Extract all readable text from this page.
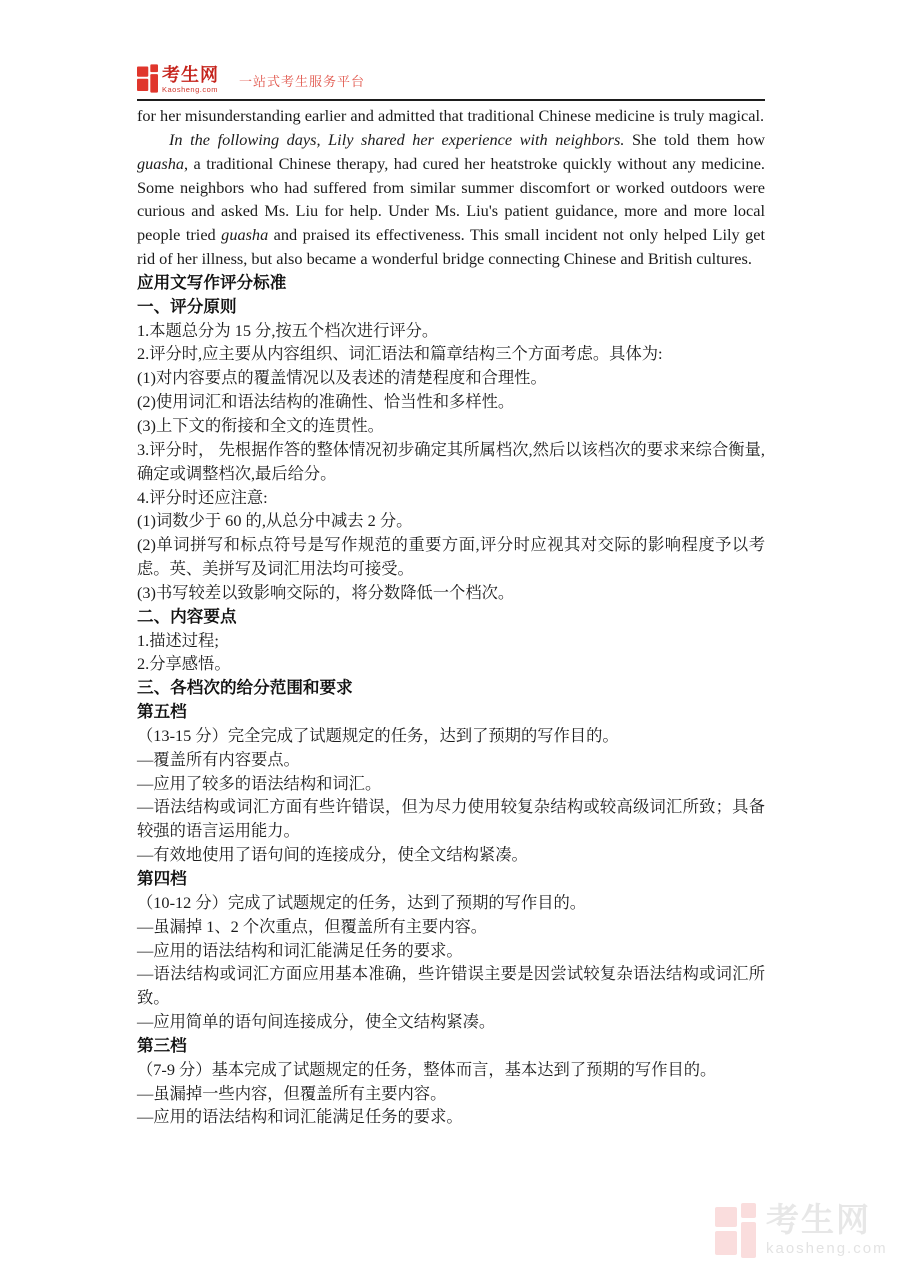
考生网
Kaosheng.com 一站式考生服务平台

for her misunderstanding earlier and admitted that traditional Chinese medicine is truly magical.

In the following days, Lily shared her experience with neighbors. She told them how guasha, a traditional Chinese therapy, had cured her heatstroke quickly without any medicine. Some neighbors who had suffered from similar summer discomfort or worked outdoors were curious and asked Ms. Liu for help. Under Ms. Liu's patient guidance, more and more local people tried guasha and praised its effectiveness. This small incident not only helped Lily get rid of her illness, but also became a wonderful bridge connecting Chinese and British cultures.

应用文写作评分标准

一、评分原则

1.本题总分为 15 分,按五个档次进行评分。

2.评分时,应主要从内容组织、词汇语法和篇章结构三个方面考虑。具体为:

(1)对内容要点的覆盖情况以及表述的清楚程度和合理性。

(2)使用词汇和语法结构的准确性、恰当性和多样性。

(3)上下文的衔接和全文的连贯性。

3.评分时， 先根据作答的整体情况初步确定其所属档次,然后以该档次的要求来综合衡量,确定或调整档次,最后给分。

4.评分时还应注意:

(1)词数少于 60 的,从总分中减去 2 分。

(2)单词拼写和标点符号是写作规范的重要方面,评分时应视其对交际的影响程度予以考虑。英、美拼写及词汇用法均可接受。

(3)书写较差以致影响交际的，将分数降低一个档次。

二、内容要点

1.描述过程;

2.分享感悟。

三、各档次的给分范围和要求

第五档

（13-15 分）完全完成了试题规定的任务，达到了预期的写作目的。

—覆盖所有内容要点。

—应用了较多的语法结构和词汇。

—语法结构或词汇方面有些许错误，但为尽力使用较复杂结构或较高级词汇所致；具备较强的语言运用能力。

—有效地使用了语句间的连接成分，使全文结构紧凑。

第四档

（10-12 分）完成了试题规定的任务，达到了预期的写作目的。

—虽漏掉 1、2 个次重点，但覆盖所有主要内容。

—应用的语法结构和词汇能满足任务的要求。

—语法结构或词汇方面应用基本准确，些许错误主要是因尝试较复杂语法结构或词汇所致。

—应用简单的语句间连接成分，使全文结构紧凑。

第三档

（7-9 分）基本完成了试题规定的任务，整体而言，基本达到了预期的写作目的。

—虽漏掉一些内容，但覆盖所有主要内容。

—应用的语法结构和词汇能满足任务的要求。

考生网
kaosheng.com
